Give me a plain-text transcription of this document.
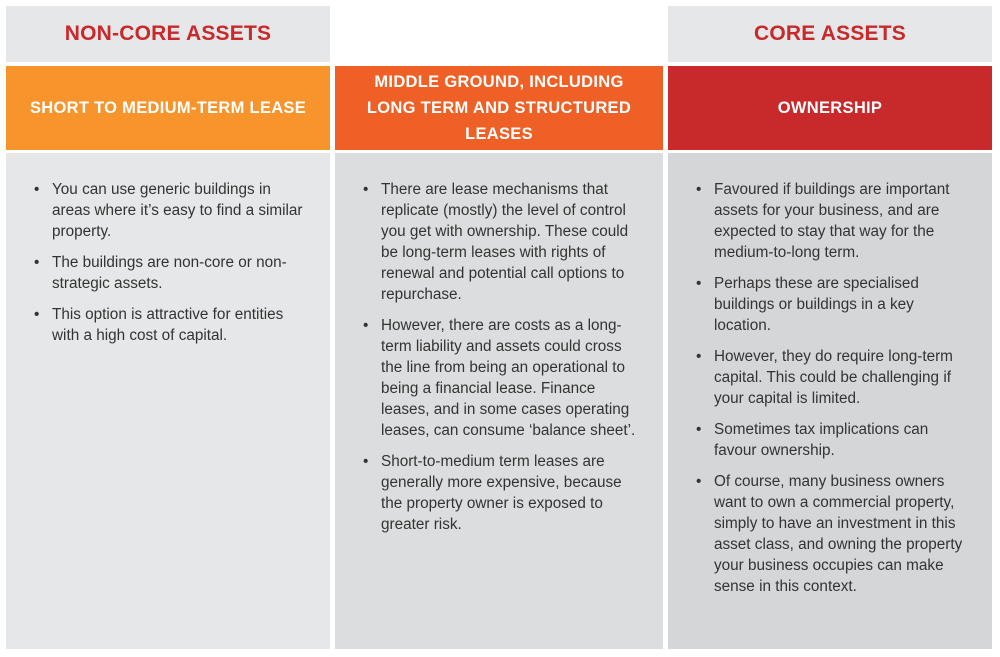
NON-CORE ASSETS	CORE ASSETS
SHORT TO MEDIUM-TERM LEASE
MIDDLE GROUND, INCLUDING LONG TERM AND STRUCTURED LEASES
OWNERSHIP
• You can use generic buildings in areas where it’s easy to find a similar property.
• The buildings are non-core or non-strategic assets.
• This option is attractive for entities with a high cost of capital.
• There are lease mechanisms that replicate (mostly) the level of control you get with ownership. These could be long-term leases with rights of renewal and potential call options to repurchase.
• However, there are costs as a long-term liability and assets could cross the line from being an operational to being a financial lease. Finance leases, and in some cases operating leases, can consume ‘balance sheet’.
• Short-to-medium term leases are generally more expensive, because the property owner is exposed to greater risk.
• Favoured if buildings are important assets for your business, and are expected to stay that way for the medium-to-long term.
• Perhaps these are specialised buildings or buildings in a key location.
• However, they do require long-term capital. This could be challenging if your capital is limited.
• Sometimes tax implications can favour ownership.
• Of course, many business owners want to own a commercial property, simply to have an investment in this asset class, and owning the property your business occupies can make sense in this context.
